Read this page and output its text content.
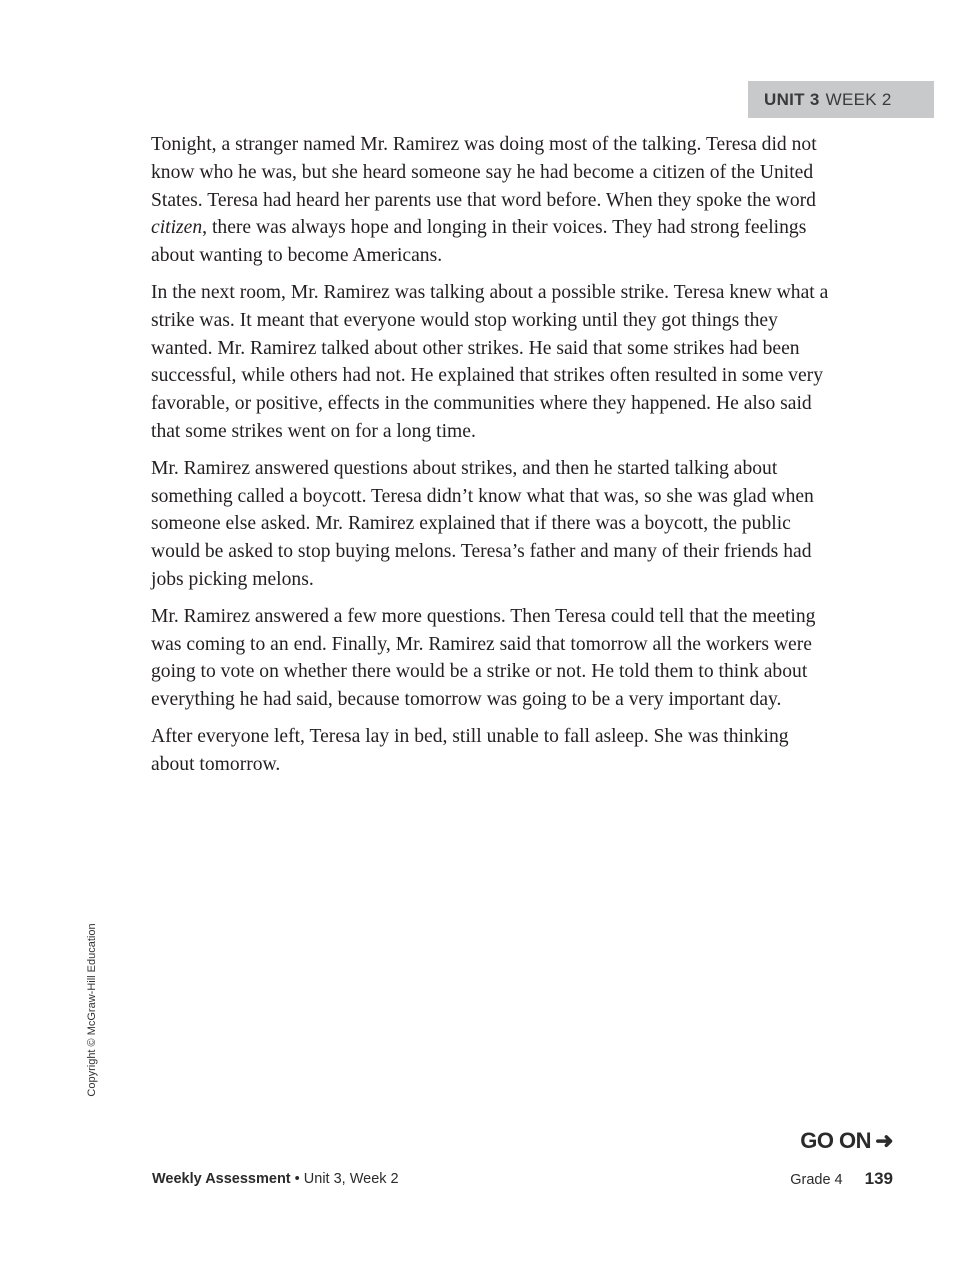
UNIT 3 WEEK 2

Tonight, a stranger named Mr. Ramirez was doing most of the talking. Teresa did not know who he was, but she heard someone say he had become a citizen of the United States. Teresa had heard her parents use that word before. When they spoke the word citizen, there was always hope and longing in their voices. They had strong feelings about wanting to become Americans.

In the next room, Mr. Ramirez was talking about a possible strike. Teresa knew what a strike was. It meant that everyone would stop working until they got things they wanted. Mr. Ramirez talked about other strikes. He said that some strikes had been successful, while others had not. He explained that strikes often resulted in some very favorable, or positive, effects in the communities where they happened. He also said that some strikes went on for a long time.

Mr. Ramirez answered questions about strikes, and then he started talking about something called a boycott. Teresa didn’t know what that was, so she was glad when someone else asked. Mr. Ramirez explained that if there was a boycott, the public would be asked to stop buying melons. Teresa’s father and many of their friends had jobs picking melons.

Mr. Ramirez answered a few more questions. Then Teresa could tell that the meeting was coming to an end. Finally, Mr. Ramirez said that tomorrow all the workers were going to vote on whether there would be a strike or not. He told them to think about everything he had said, because tomorrow was going to be a very important day.

After everyone left, Teresa lay in bed, still unable to fall asleep. She was thinking about tomorrow.

Copyright © McGraw-Hill Education
GO ON ➜
Weekly Assessment • Unit 3, Week 2	Grade 4 139
